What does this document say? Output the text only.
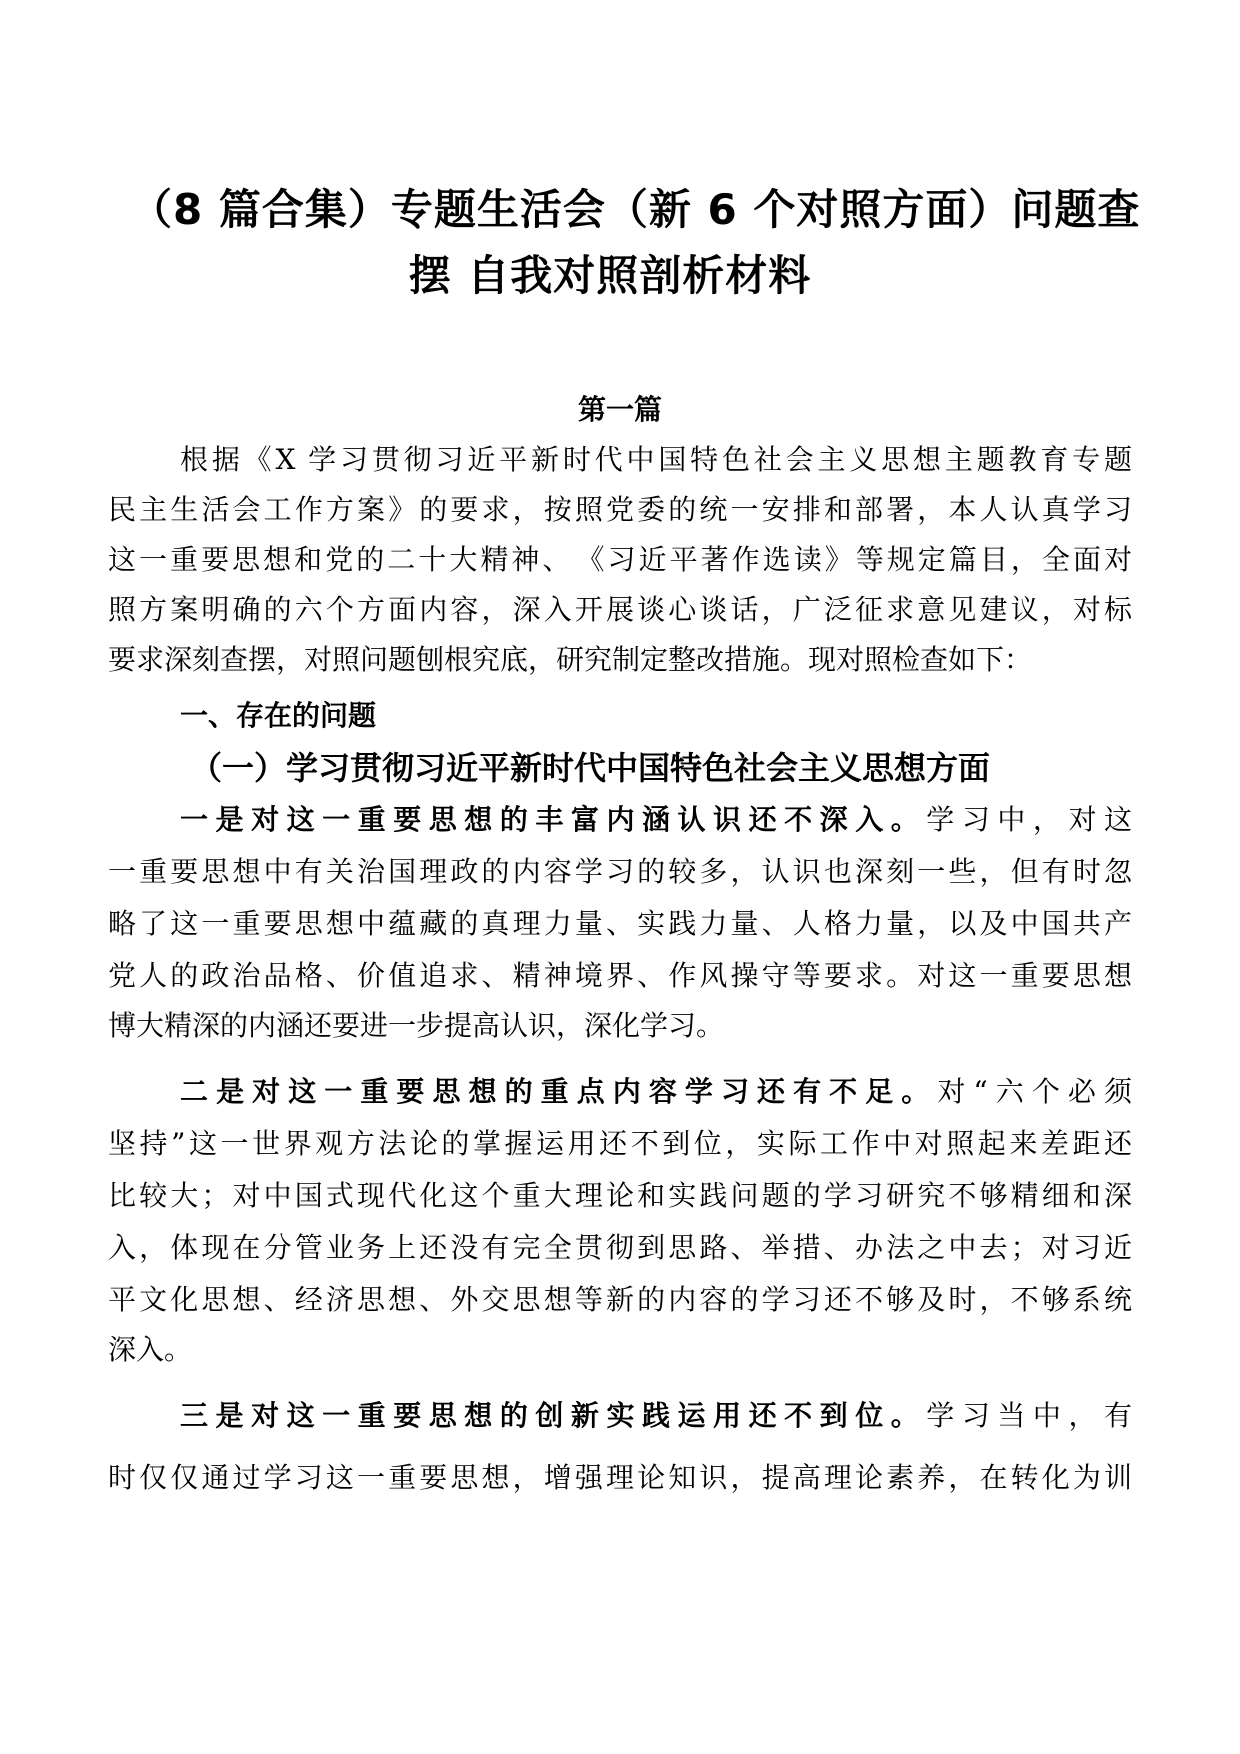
（8 篇合集）专题生活会（新 6 个对照方面）问题查
摆 自我对照剖析材料
第一篇
根据《X 学习贯彻习近平新时代中国特色社会主义思想主题教育专题
民主生活会工作方案》的要求，按照党委的统一安排和部署，本人认真学习
这一重要思想和党的二十大精神、　《习近平著作选读》等规定篇目，全面对
照方案明确的六个方面内容，深入开展谈心谈话，广泛征求意见建议，对标
要求深刻查摆，对照问题刨根究底，研究制定整改措施。现对照检查如下：
一、存在的问题
（一）学习贯彻习近平新时代中国特色社会主义思想方面
一是对这一重要思想的丰富内涵认识还不深入。学习中，对这
一重要思想中有关治国理政的内容学习的较多，认识也深刻一些，但有时忽
略了这一重要思想中蕴藏的真理力量、实践力量、人格力量，以及中国共产
党人的政治品格、价值追求、精神境界、作风操守等要求。对这一重要思想
博大精深的内涵还要进一步提高认识，深化学习。
二是对这一重要思想的重点内容学习还有不足。对“六个必须
坚持”这一世界观方法论的掌握运用还不到位，实际工作中对照起来差距还
比较大；对中国式现代化这个重大理论和实践问题的学习研究不够精细和深
入，体现在分管业务上还没有完全贯彻到思路、举措、办法之中去；对习近
平文化思想、经济思想、外交思想等新的内容的学习还不够及时，不够系统
深入。
三是对这一重要思想的创新实践运用还不到位。学习当中，有
时仅仅通过学习这一重要思想，增强理论知识，提高理论素养，在转化为训
